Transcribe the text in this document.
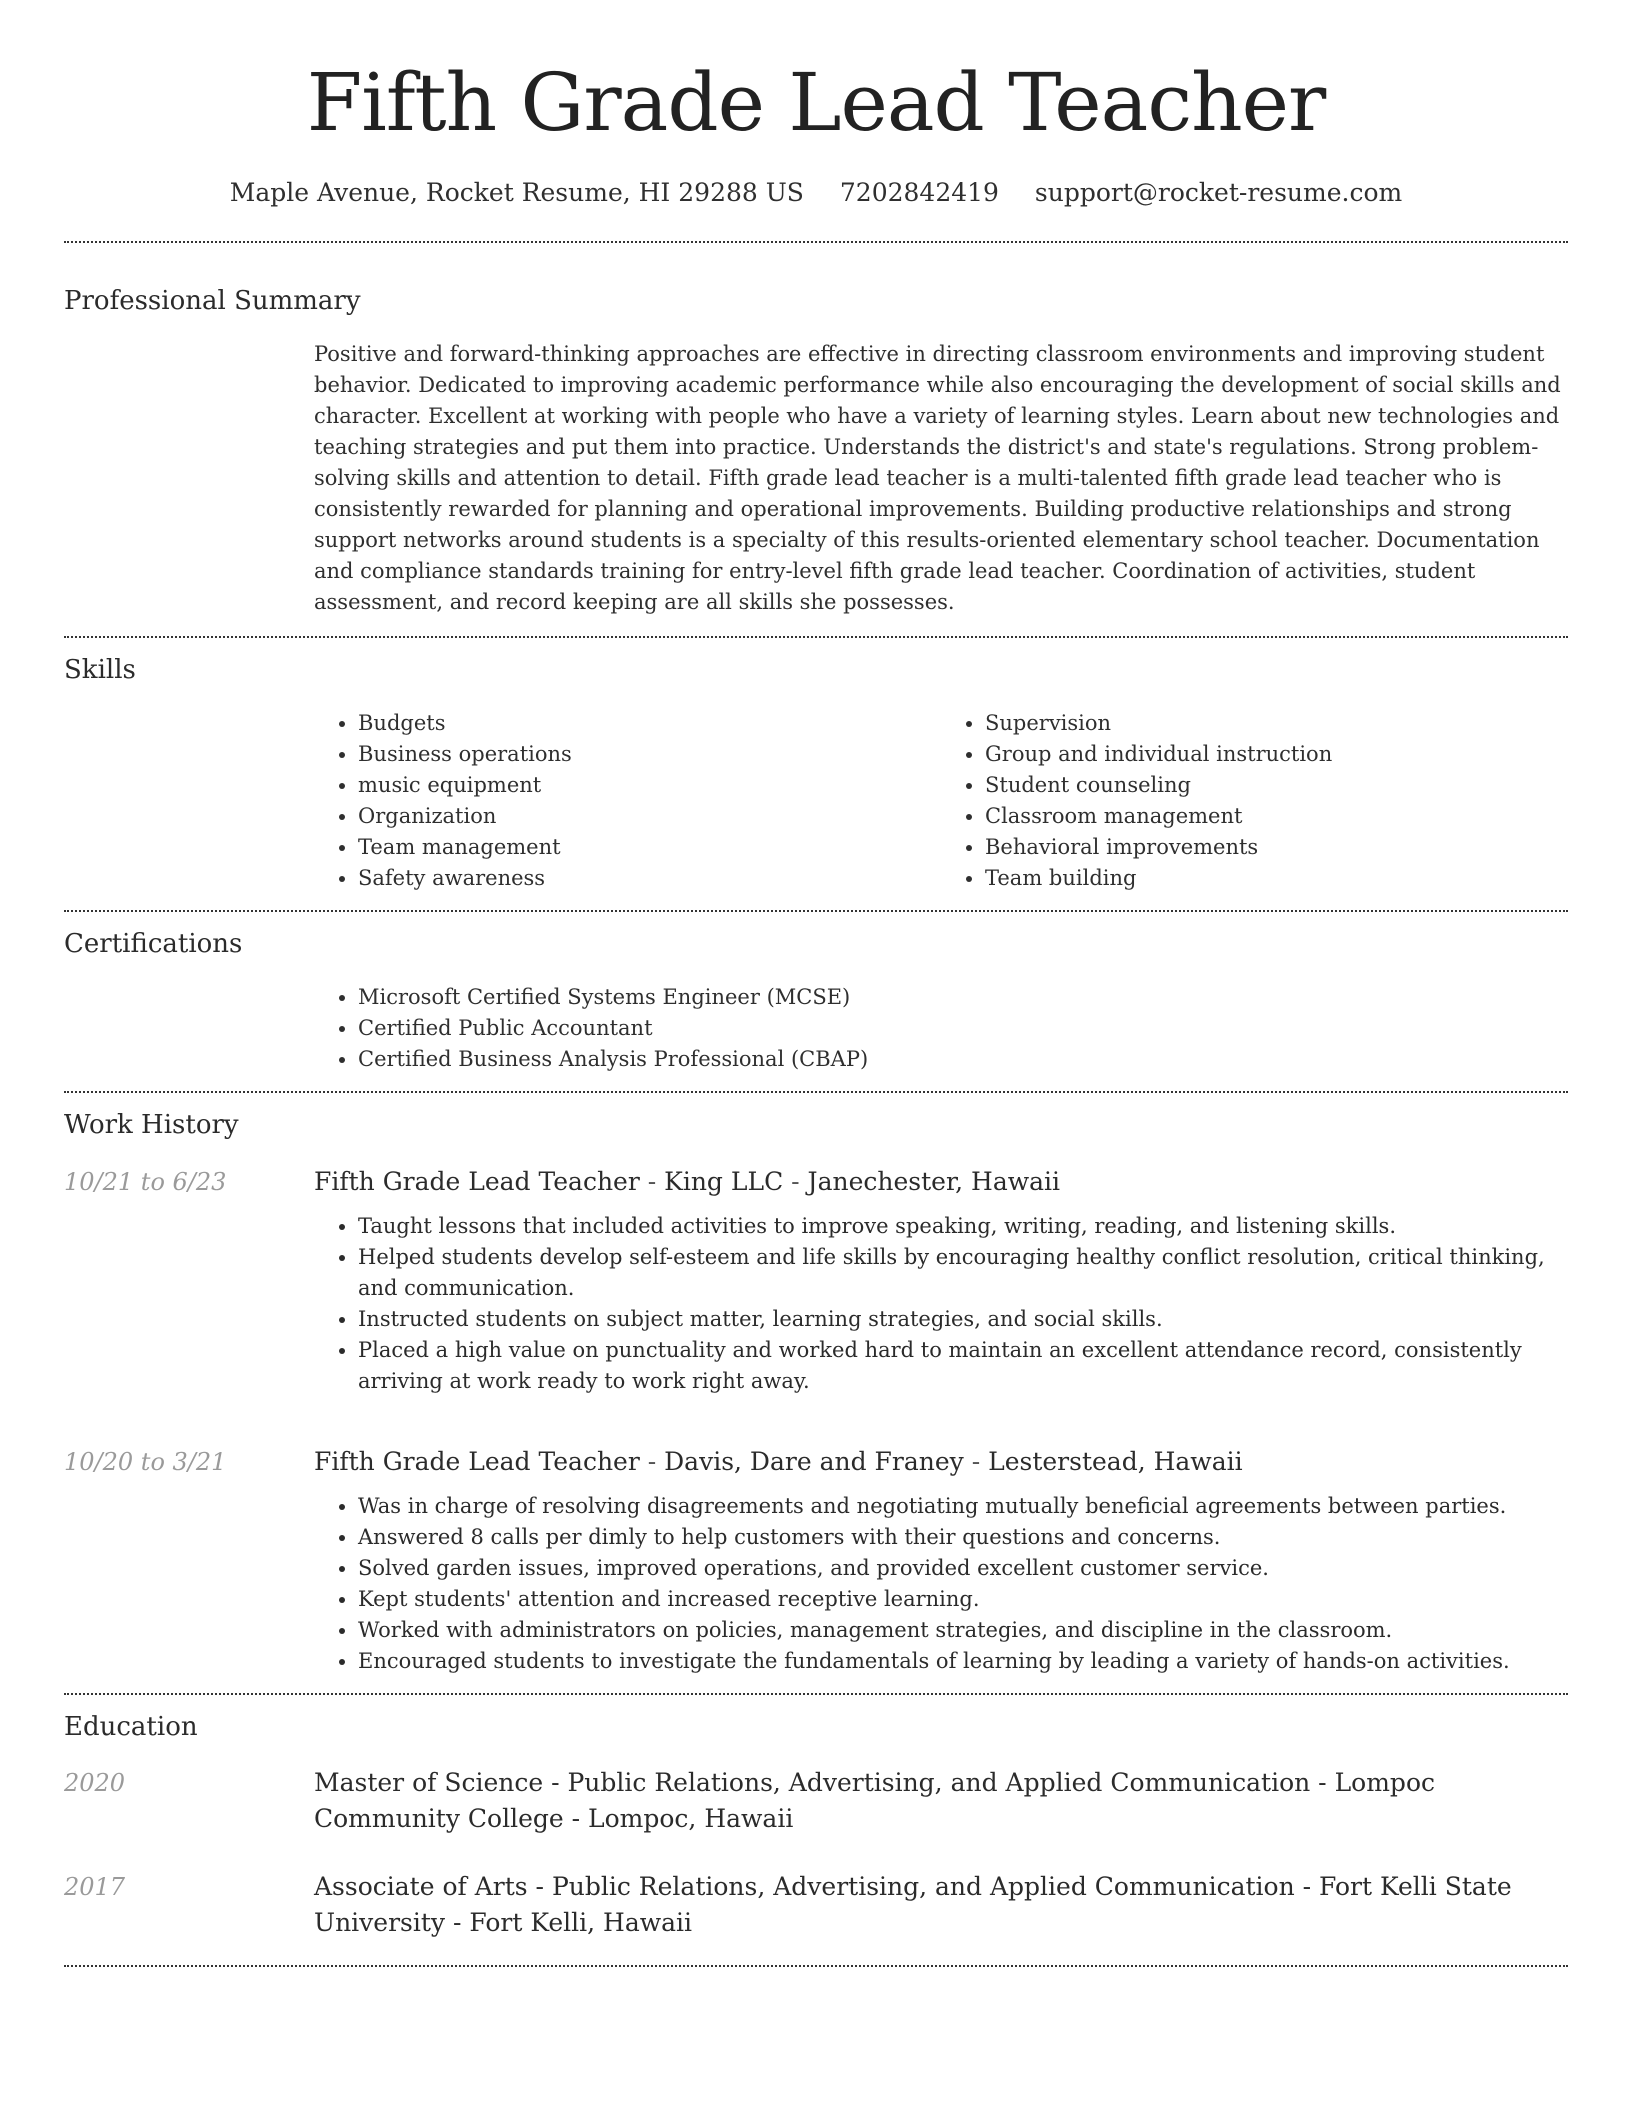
Fifth Grade Lead Teacher
Maple Avenue, Rocket Resume, HI 29288 US 7202842419 support@rocket-resume.com
Professional Summary

Positive and forward-thinking approaches are effective in directing classroom environments and improving student behavior. Dedicated to improving academic performance while also encouraging the development of social skills and character. Excellent at working with people who have a variety of learning styles. Learn about new technologies and teaching strategies and put them into practice. Understands the district's and state's regulations. Strong problem-solving skills and attention to detail. Fifth grade lead teacher is a multi-talented fifth grade lead teacher who is consistently rewarded for planning and operational improvements. Building productive relationships and strong support networks around students is a specialty of this results-oriented elementary school teacher. Documentation and compliance standards training for entry-level fifth grade lead teacher. Coordination of activities, student assessment, and record keeping are all skills she possesses.

Skills
• Budgets
• Business operations
• music equipment
• Organization
• Team management
• Safety awareness
• Supervision
• Group and individual instruction
• Student counseling
• Classroom management
• Behavioral improvements
• Team building
Certifications
• Microsoft Certified Systems Engineer (MCSE)
• Certified Public Accountant
• Certified Business Analysis Professional (CBAP)
Work History
10/21 to 6/23	Fifth Grade Lead Teacher - King LLC - Janechester, Hawaii
• Taught lessons that included activities to improve speaking, writing, reading, and listening skills.
• Helped students develop self-esteem and life skills by encouraging healthy conflict resolution, critical thinking, and communication.
• Instructed students on subject matter, learning strategies, and social skills.
• Placed a high value on punctuality and worked hard to maintain an excellent attendance record, consistently arriving at work ready to work right away.
10/20 to 3/21	Fifth Grade Lead Teacher - Davis, Dare and Franey - Lesterstead, Hawaii
• Was in charge of resolving disagreements and negotiating mutually beneficial agreements between parties.
• Answered 8 calls per dimly to help customers with their questions and concerns.
• Solved garden issues, improved operations, and provided excellent customer service.
• Kept students' attention and increased receptive learning.
• Worked with administrators on policies, management strategies, and discipline in the classroom.
• Encouraged students to investigate the fundamentals of learning by leading a variety of hands-on activities.
Education
2020	Master of Science - Public Relations, Advertising, and Applied Communication - Lompoc Community College - Lompoc, Hawaii
2017	Associate of Arts - Public Relations, Advertising, and Applied Communication - Fort Kelli State University - Fort Kelli, Hawaii
